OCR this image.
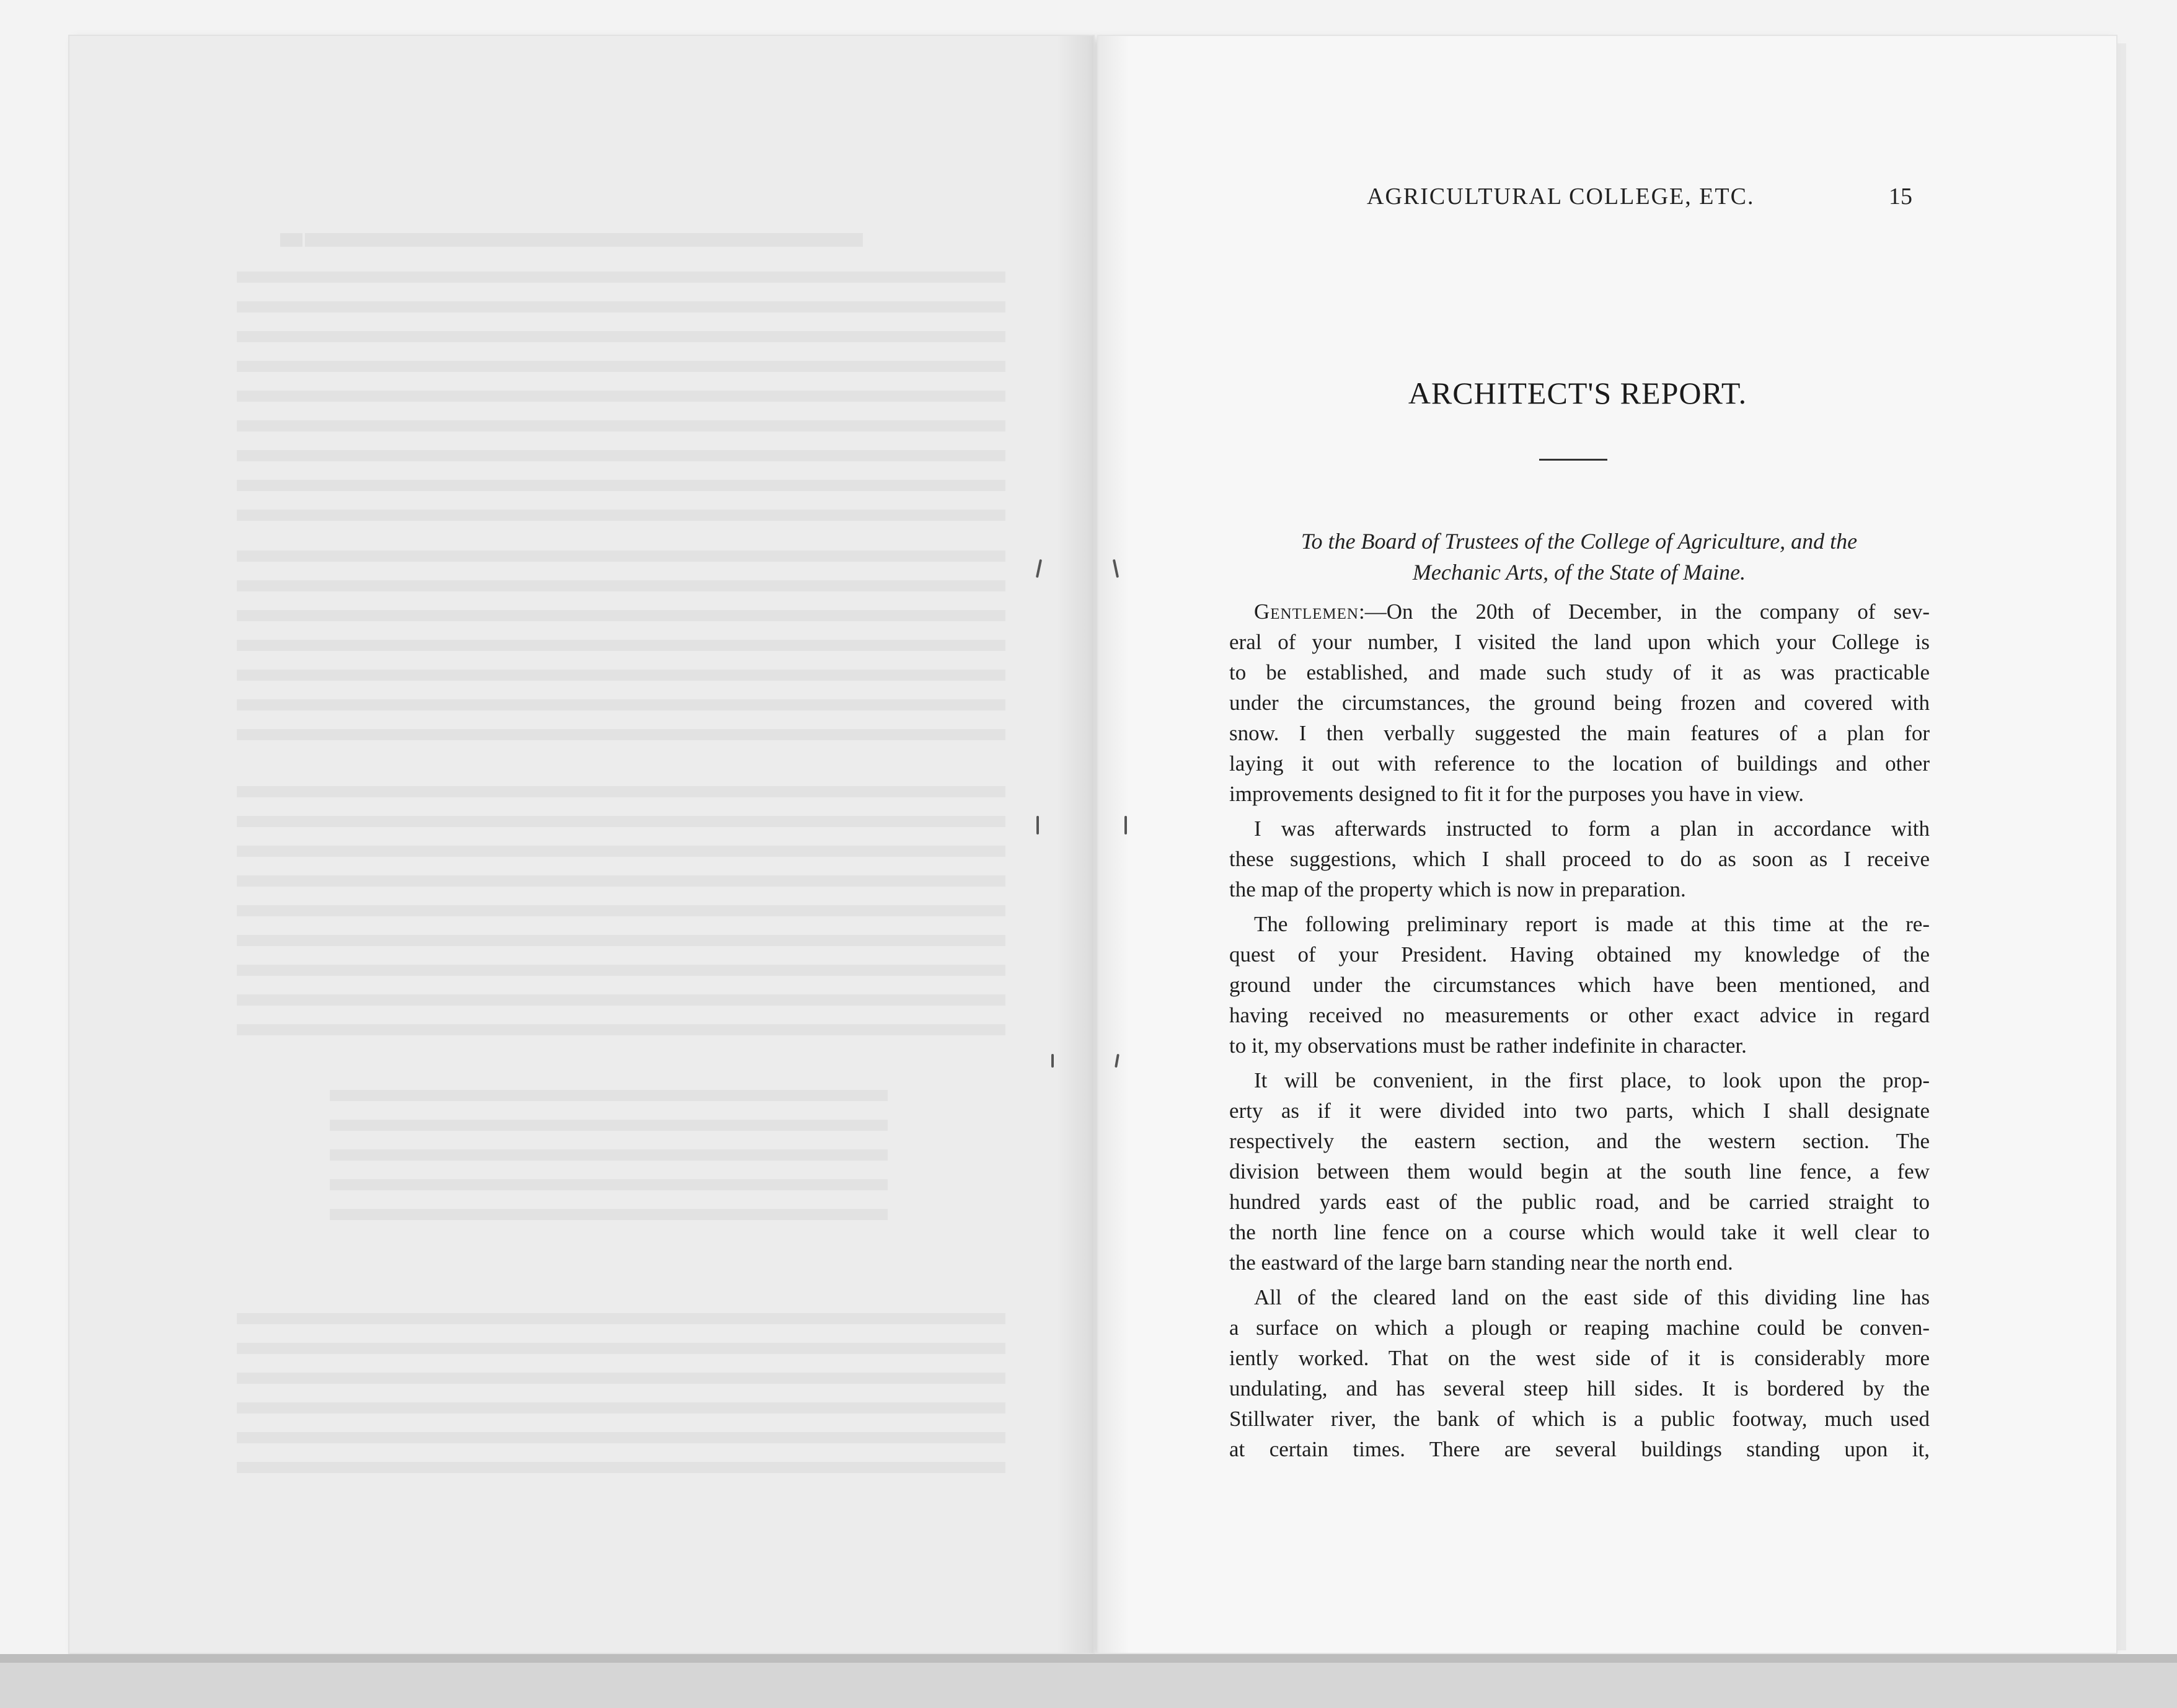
AGRICULTURAL COLLEGE, ETC.	15
ARCHITECT'S REPORT.
To the Board of Trustees of the College of Agriculture, and the
Mechanic Arts, of the State of Maine.
Gentlemen:—On the 20th of December, in the company of sev-
eral of your number, I visited the land upon which your College is
to be established, and made such study of it as was practicable
under the circumstances, the ground being frozen and covered with
snow. I then verbally suggested the main features of a plan for
laying it out with reference to the location of buildings and other
improvements designed to fit it for the purposes you have in view.
I was afterwards instructed to form a plan in accordance with
these suggestions, which I shall proceed to do as soon as I receive
the map of the property which is now in preparation.
The following preliminary report is made at this time at the re-
quest of your President. Having obtained my knowledge of the
ground under the circumstances which have been mentioned, and
having received no measurements or other exact advice in regard
to it, my observations must be rather indefinite in character.
It will be convenient, in the first place, to look upon the prop-
erty as if it were divided into two parts, which I shall designate
respectively the eastern section, and the western section. The
division between them would begin at the south line fence, a few
hundred yards east of the public road, and be carried straight to
the north line fence on a course which would take it well clear to
the eastward of the large barn standing near the north end.
All of the cleared land on the east side of this dividing line has
a surface on which a plough or reaping machine could be conven-
iently worked. That on the west side of it is considerably more
undulating, and has several steep hill sides. It is bordered by the
Stillwater river, the bank of which is a public footway, much used
at certain times. There are several buildings standing upon it,
